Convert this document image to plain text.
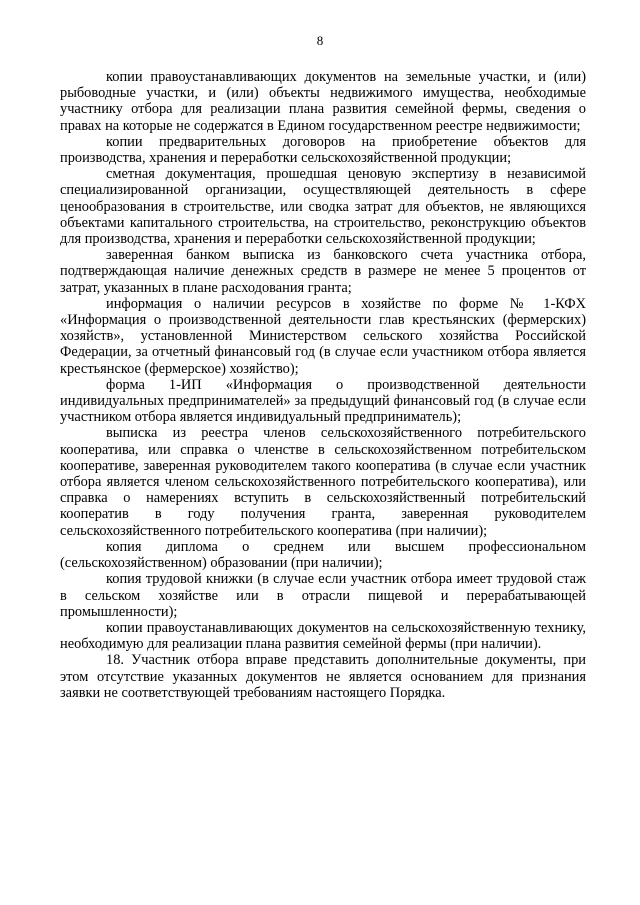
8

копии правоустанавливающих документов на земельные участки, и (или) рыбоводные участки, и (или) объекты недвижимого имущества, необходимые участнику отбора для реализации плана развития семейной фермы, сведения о правах на которые не содержатся в Едином государственном реестре недвижимости;

копии предварительных договоров на приобретение объектов для производства, хранения и переработки сельскохозяйственной продукции;

сметная документация, прошедшая ценовую экспертизу в независимой специализированной организации, осуществляющей деятельность в сфере ценообразования в строительстве, или сводка затрат для объектов, не являющихся объектами капитального строительства, на строительство, реконструкцию объектов для производства, хранения и переработки сельскохозяйственной продукции;

заверенная банком выписка из банковского счета участника отбора, подтверждающая наличие денежных средств в размере не менее 5 процентов от затрат, указанных в плане расходования гранта;

информация о наличии ресурсов в хозяйстве по форме № 1-КФХ «Информация о производственной деятельности глав крестьянских (фермерских) хозяйств», установленной Министерством сельского хозяйства Российской Федерации, за отчетный финансовый год (в случае если участником отбора является крестьянское (фермерское) хозяйство);

форма 1-ИП «Информация о производственной деятельности индивидуальных предпринимателей» за предыдущий финансовый год (в случае если участником отбора является индивидуальный предприниматель);

выписка из реестра членов сельскохозяйственного потребительского кооператива, или справка о членстве в сельскохозяйственном потребительском кооперативе, заверенная руководителем такого кооператива (в случае если участник отбора является членом сельскохозяйственного потребительского кооператива), или справка о намерениях вступить в сельскохозяйственный потребительский кооператив в году получения гранта, заверенная руководителем сельскохозяйственного потребительского кооператива (при наличии);

копия диплома о среднем или высшем профессиональном (сельскохозяйственном) образовании (при наличии);

копия трудовой книжки (в случае если участник отбора имеет трудовой стаж в сельском хозяйстве или в отрасли пищевой и перерабатывающей промышленности);

копии правоустанавливающих документов на сельскохозяйственную технику, необходимую для реализации плана развития семейной фермы (при наличии).

18. Участник отбора вправе представить дополнительные документы, при этом отсутствие указанных документов не является основанием для признания заявки не соответствующей требованиям настоящего Порядка.
